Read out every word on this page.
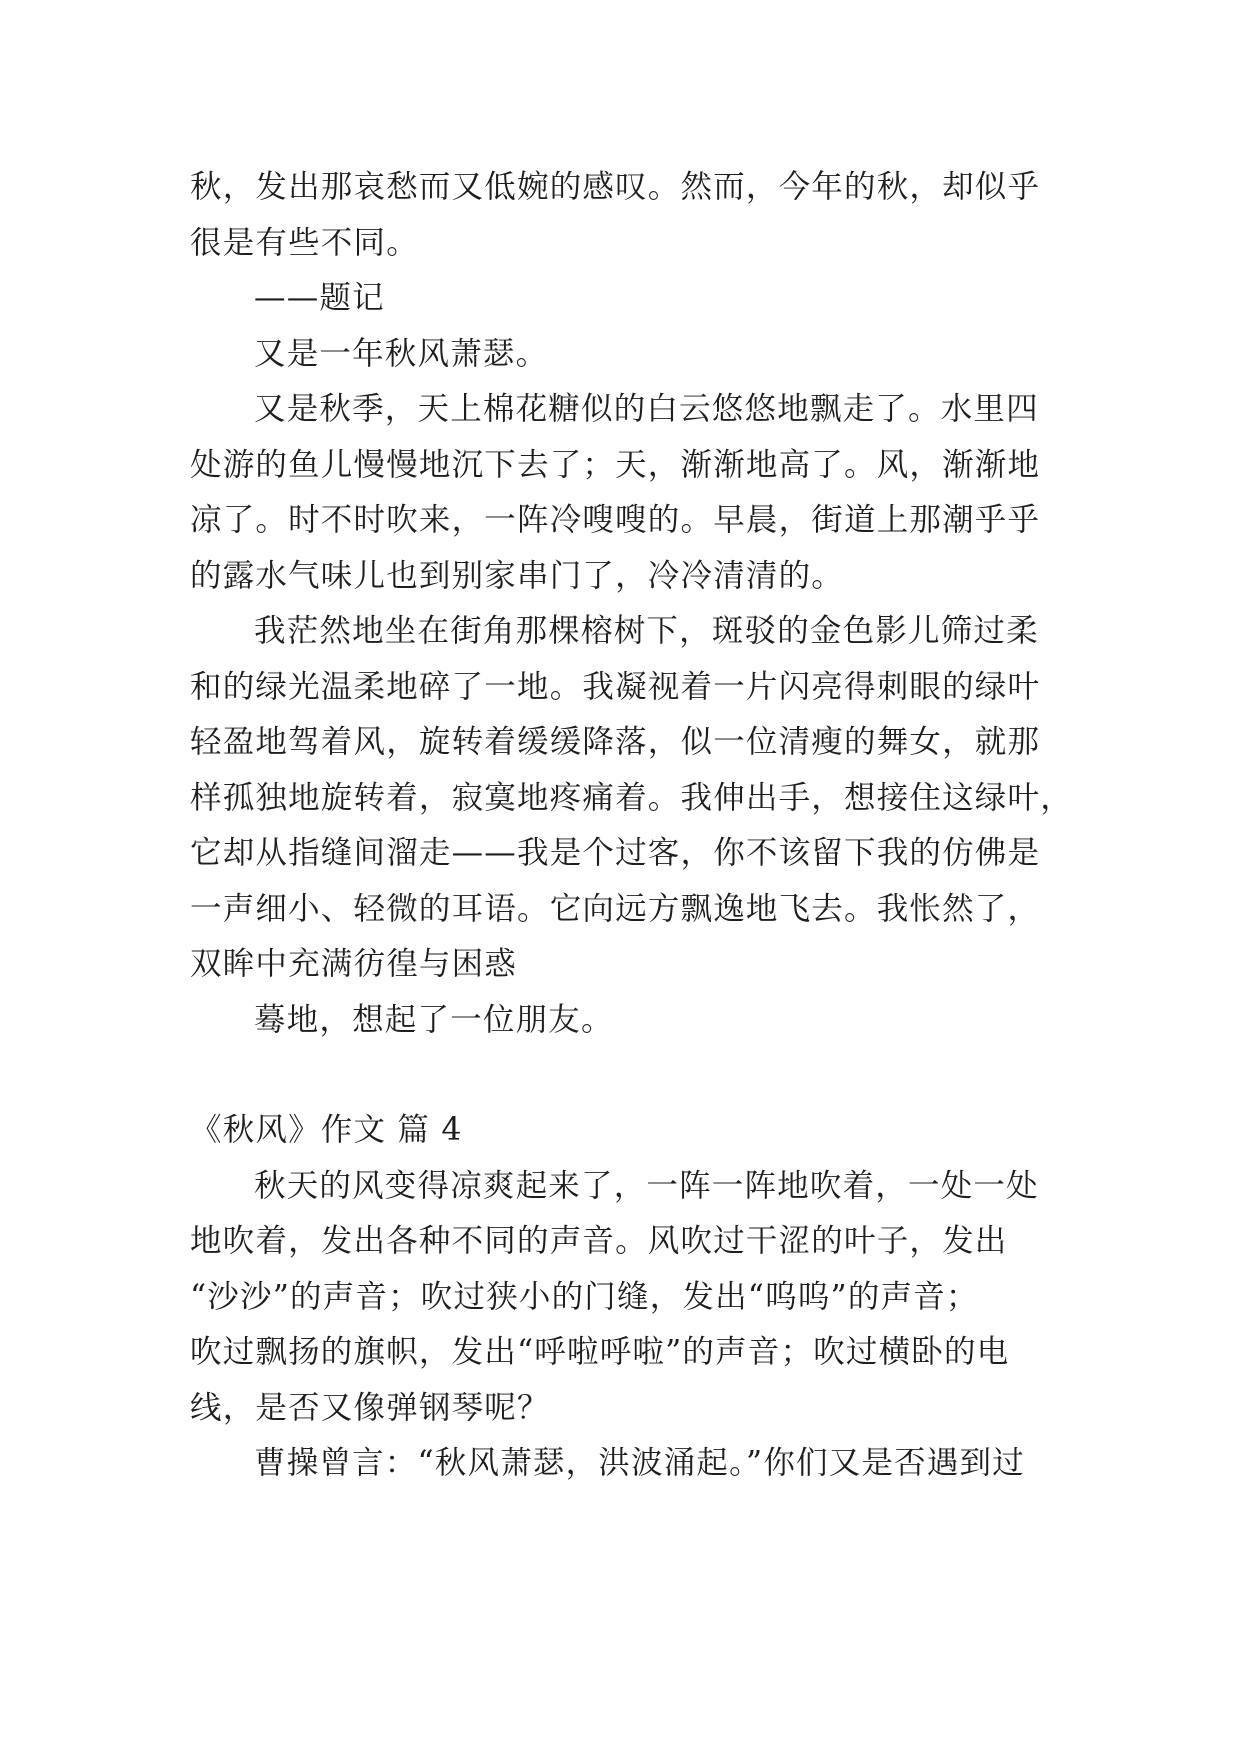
秋，发出那哀愁而又低婉的感叹。然而，今年的秋，却似乎
很是有些不同。
——题记
又是一年秋风萧瑟。
又是秋季，天上棉花糖似的白云悠悠地飘走了。水里四
处游的鱼儿慢慢地沉下去了；天，渐渐地高了。风，渐渐地
凉了。时不时吹来，一阵冷嗖嗖的。早晨，街道上那潮乎乎
的露水气味儿也到别家串门了，冷冷清清的。
我茫然地坐在街角那棵榕树下，斑驳的金色影儿筛过柔
和的绿光温柔地碎了一地。我凝视着一片闪亮得刺眼的绿叶
轻盈地驾着风，旋转着缓缓降落，似一位清瘦的舞女，就那
样孤独地旋转着，寂寞地疼痛着。我伸出手，想接住这绿叶，
它却从指缝间溜走——我是个过客，你不该留下我的仿佛是
一声细小、轻微的耳语。它向远方飘逸地飞去。我怅然了，
双眸中充满彷徨与困惑
蓦地，想起了一位朋友。
《秋风》作文 篇 4
秋天的风变得凉爽起来了，一阵一阵地吹着，一处一处
地吹着，发出各种不同的声音。风吹过干涩的叶子，发出
“沙沙”的声音；吹过狭小的门缝，发出“呜呜”的声音；
吹过飘扬的旗帜，发出“呼啦呼啦”的声音；吹过横卧的电
线，是否又像弹钢琴呢？
曹操曾言：“秋风萧瑟，洪波涌起。”你们又是否遇到过
